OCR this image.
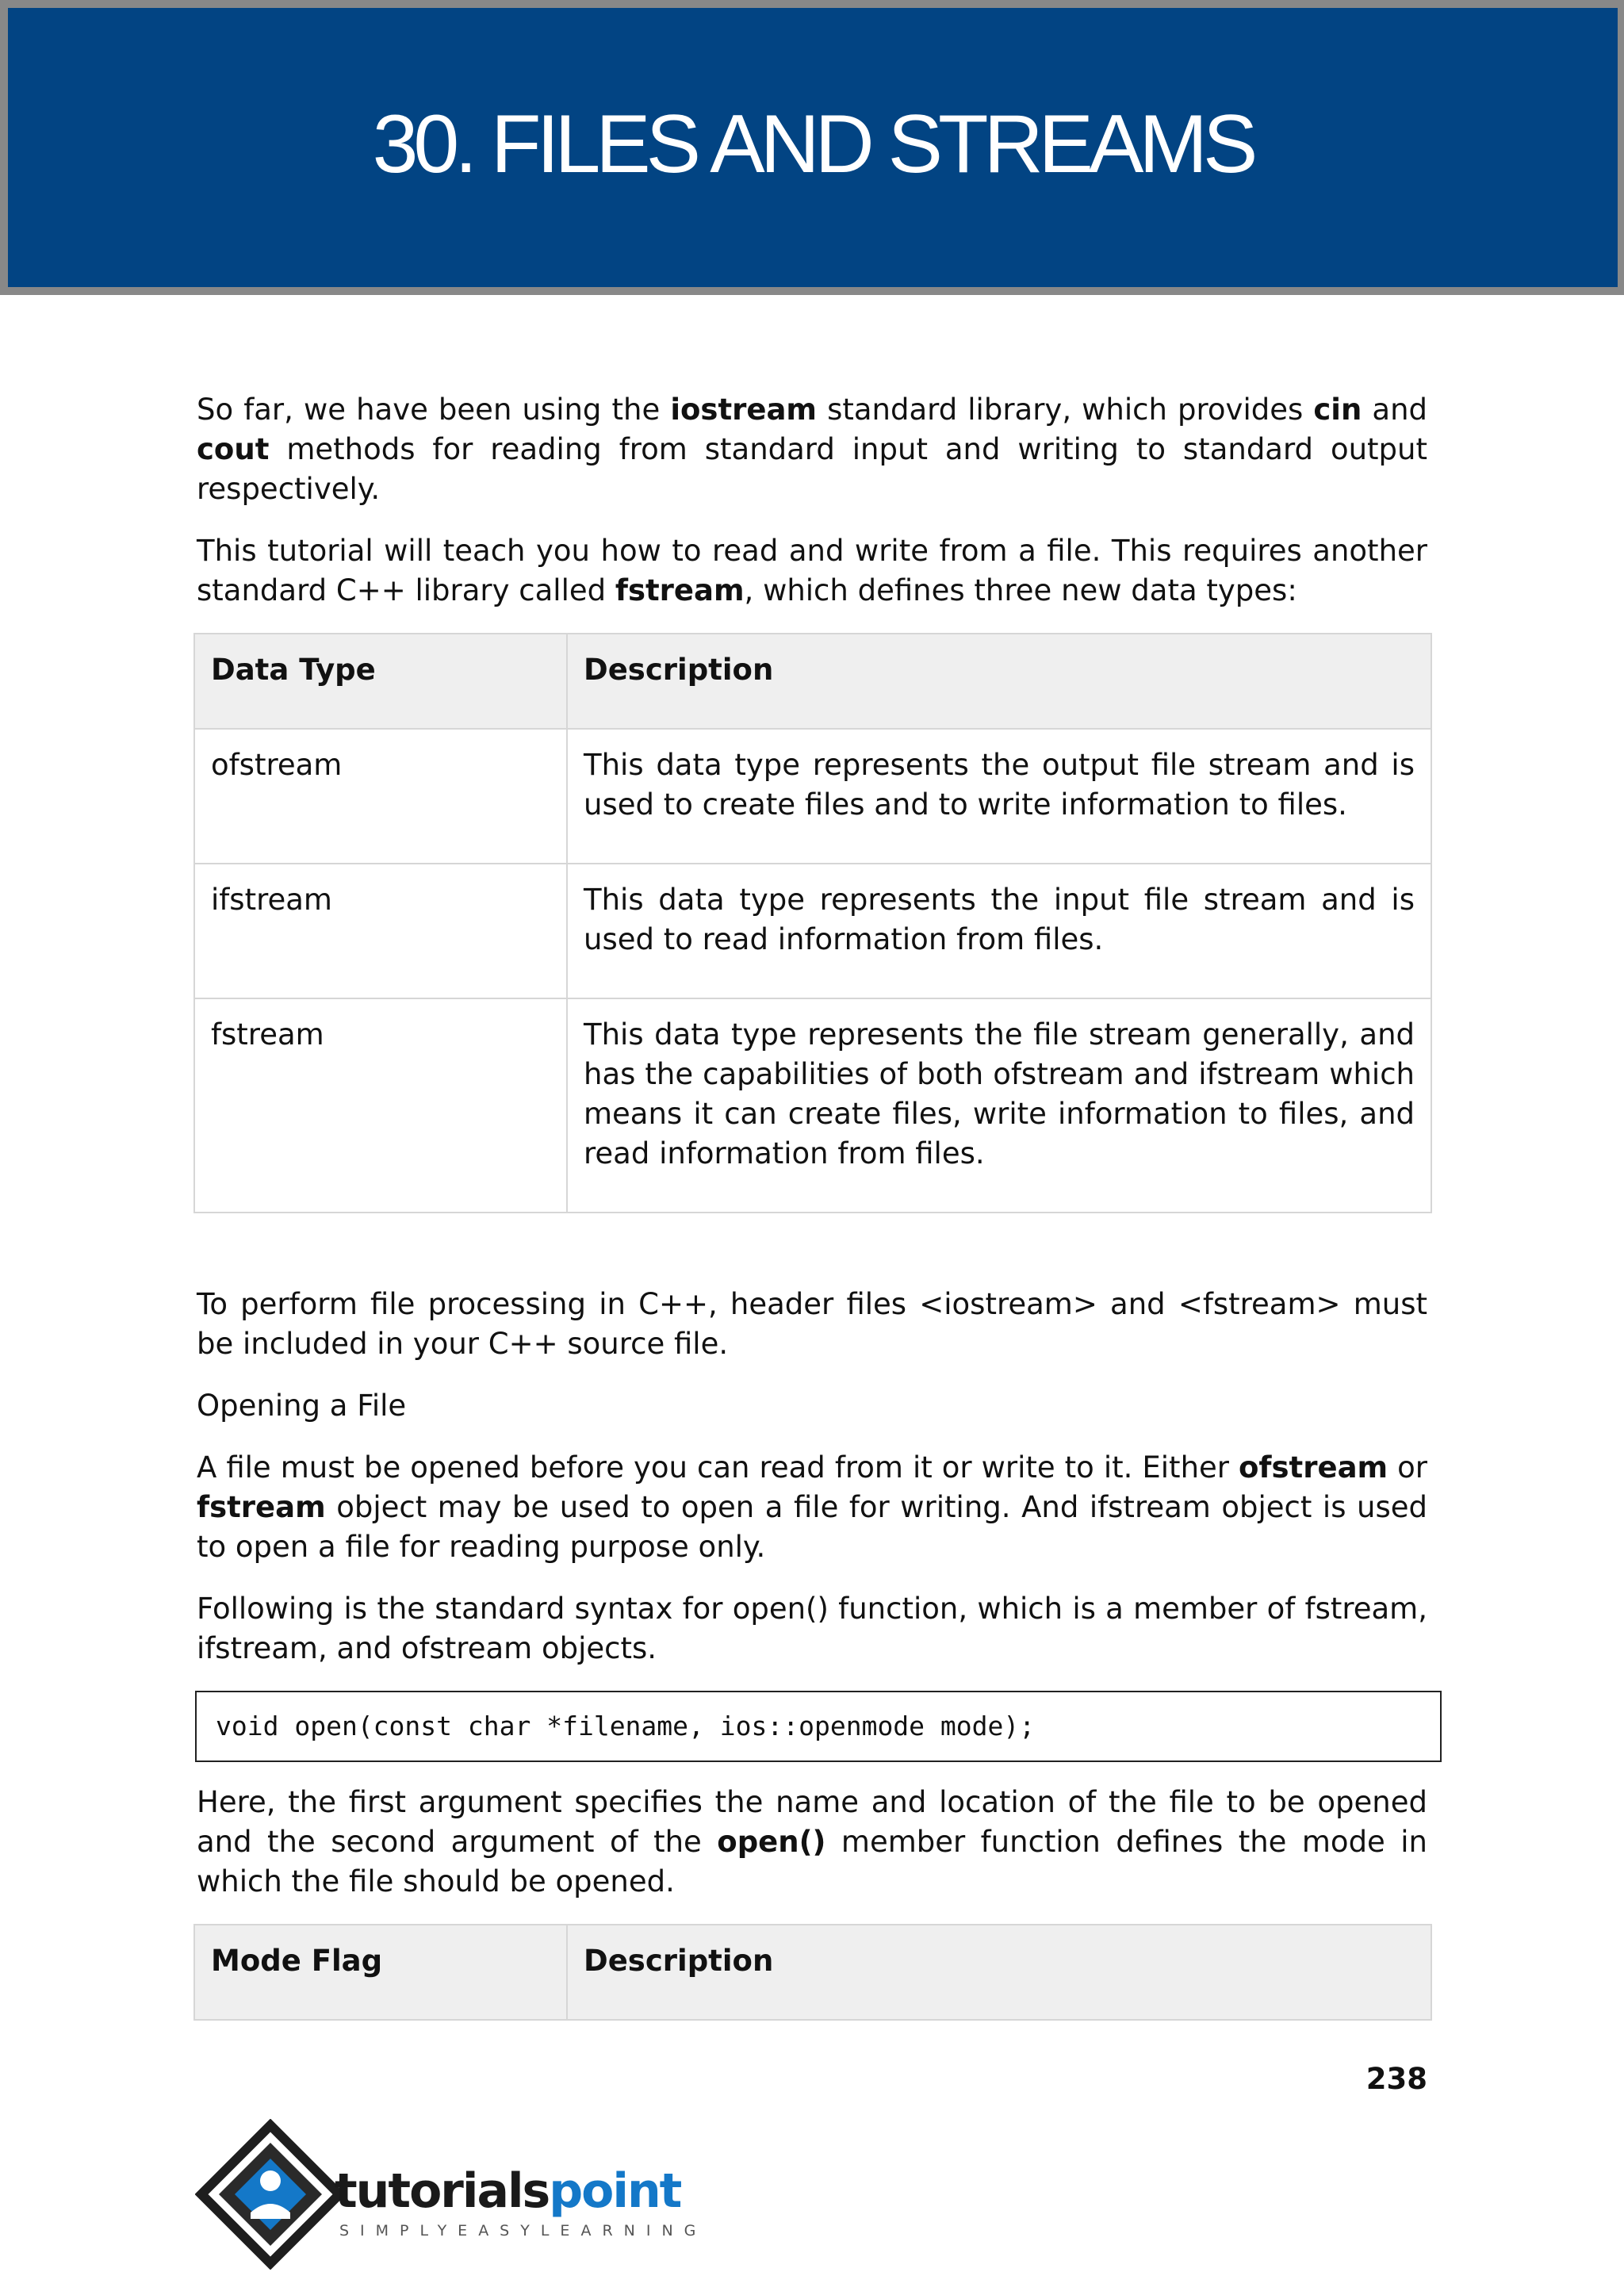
30. FILES AND STREAMS

So far, we have been using the iostream standard library, which provides cin and cout methods for reading from standard input and writing to standard output respectively.

This tutorial will teach you how to read and write from a file. This requires another standard C++ library called fstream, which defines three new data types:

Data Type	Description
ofstream	This data type represents the output file stream and is used to create files and to write information to files.
ifstream	This data type represents the input file stream and is used to read information from files.
fstream	This data type represents the file stream generally, and has the capabilities of both ofstream and ifstream which means it can create files, write information to files, and read information from files.

To perform file processing in C++, header files <iostream> and <fstream> must be included in your C++ source file.

Opening a File

A file must be opened before you can read from it or write to it. Either ofstream or fstream object may be used to open a file for writing. And ifstream object is used to open a file for reading purpose only.

Following is the standard syntax for open() function, which is a member of fstream, ifstream, and ofstream objects.

void open(const char *filename, ios::openmode mode);

Here, the first argument specifies the name and location of the file to be opened and the second argument of the open() member function defines the mode in which the file should be opened.

Mode Flag	Description
238
tutorialspoint
SIMPLYEASYLEARNING
